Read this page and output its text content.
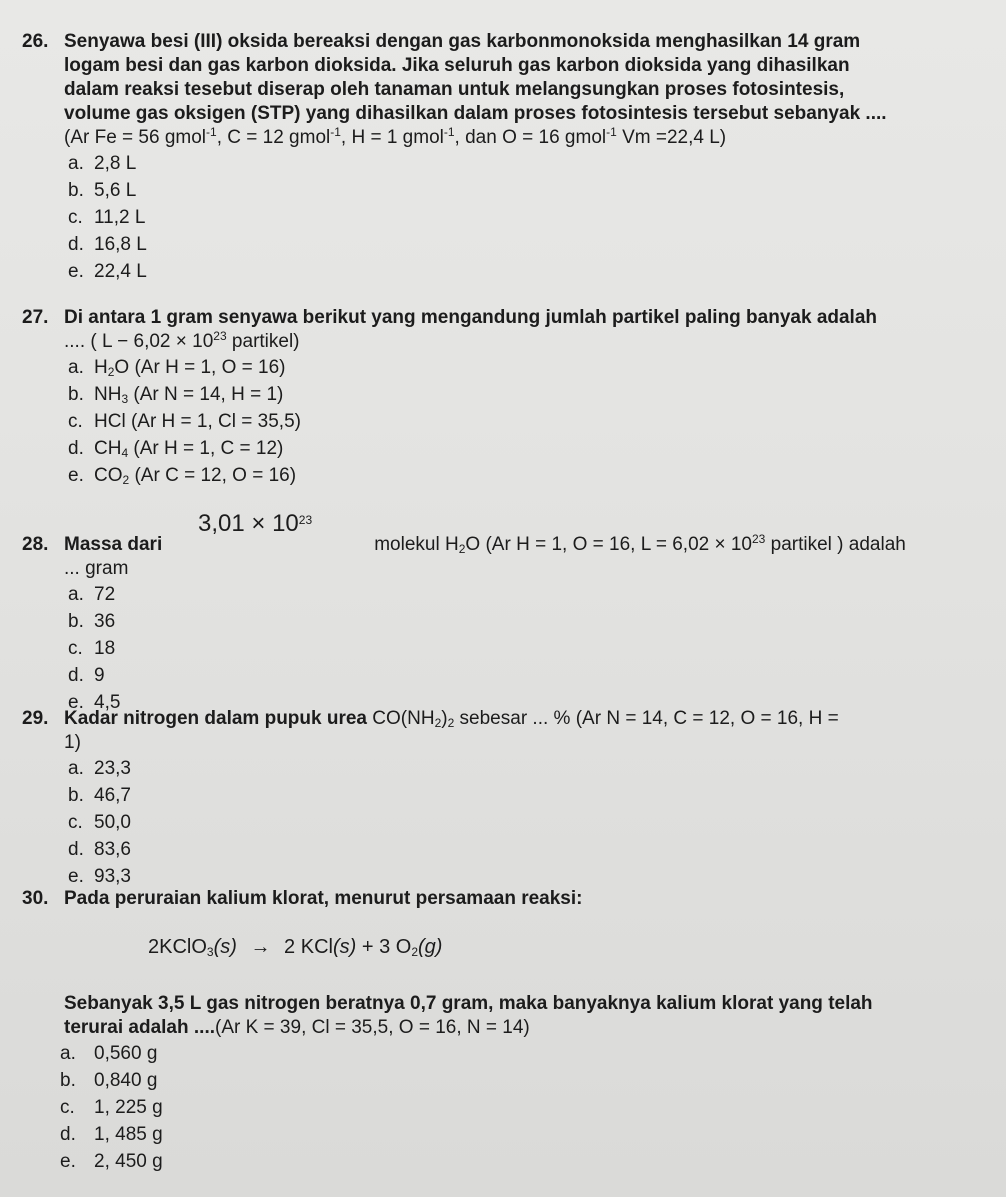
26. Senyawa besi (III) oksida bereaksi dengan gas karbonmonoksida menghasilkan 14 gram
logam besi dan gas karbon dioksida. Jika seluruh gas karbon dioksida yang dihasilkan
dalam reaksi tesebut diserap oleh tanaman untuk melangsungkan proses fotosintesis,
volume gas oksigen (STP) yang dihasilkan dalam proses fotosintesis tersebut sebanyak ....
(Ar Fe = 56 gmol$^{-1}$, C = 12 gmol$^{-1}$, H = 1 gmol$^{-1}$, dan O = 16 gmol$^{-1}$ Vm =22,4 L)
a. 2,8 L
b. 5,6 L
c. 11,2 L
d. 16,8 L
e. 22,4 L
27. Di antara 1 gram senyawa berikut yang mengandung jumlah partikel paling banyak adalah
.... ( $L - 6,02 \times 10^{23}$ partikel)
a. $H_2O$ (Ar H = 1, O = 16)
b. $NH_3$ (Ar N = 14, H = 1)
c. HCl (Ar H = 1, Cl = 35,5)
d. $CH_4$ (Ar H = 1, C = 12)
e. $CO_2$ (Ar C = 12, O = 16)
$3,01 \times 10^{23}$
28. Massa dari	molekul $H_2O$ (Ar H = 1, O = 16, $L = 6,02 \times 10^{23}$ partikel ) adalah
... gram
a. 72
b. 36
c. 18
d. 9
e. 4,5
29. Kadar nitrogen dalam pupuk urea $CO(NH_2)_2$ sebesar ... % (Ar N = 14, C = 12, O = 16, H =
1)
a. 23,3
b. 46,7
c. 50,0
d. 83,6
e. 93,3
30. Pada peruraian kalium klorat, menurut persamaan reaksi:
2KClO$_3$(s) → 2 KCl(s) + 3 $O_2(g)$
Sebanyak 3,5 L gas nitrogen beratnya 0,7 gram, maka banyaknya kalium klorat yang telah
terurai adalah ....(Ar K = 39, Cl = 35,5, O = 16, N = 14)
a. 0,560 g
b. 0,840 g
c. 1, 225 g
d. 1, 485 g
e. 2, 450 g
